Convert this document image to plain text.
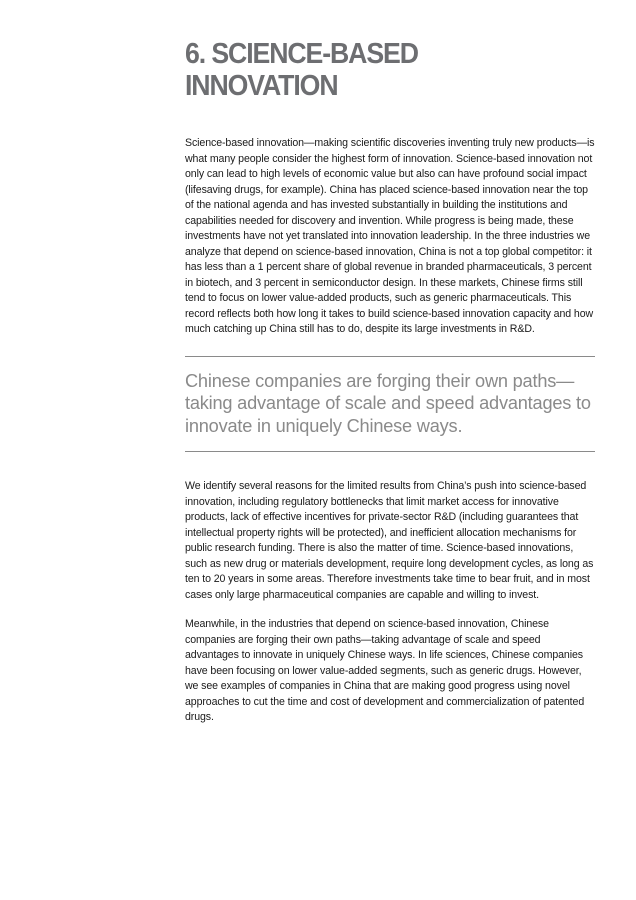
6. SCIENCE-BASED
INNOVATION

Science-based innovation—making scientific discoveries inventing truly new products—is what many people consider the highest form of innovation. Science-based innovation not only can lead to high levels of economic value but also can have profound social impact (lifesaving drugs, for example). China has placed science-based innovation near the top of the national agenda and has invested substantially in building the institutions and capabilities needed for discovery and invention. While progress is being made, these investments have not yet translated into innovation leadership. In the three industries we analyze that depend on science-based innovation, China is not a top global competitor: it has less than a 1 percent share of global revenue in branded pharmaceuticals, 3 percent in biotech, and 3 percent in semiconductor design. In these markets, Chinese firms still tend to focus on lower value-added products, such as generic pharmaceuticals. This record reflects both how long it takes to build science-based innovation capacity and how much catching up China still has to do, despite its large investments in R&D.

Chinese companies are forging their own paths—taking advantage of scale and speed advantages to innovate in uniquely Chinese ways.

We identify several reasons for the limited results from China’s push into science-based innovation, including regulatory bottlenecks that limit market access for innovative products, lack of effective incentives for private-sector R&D (including guarantees that intellectual property rights will be protected), and inefficient allocation mechanisms for public research funding. There is also the matter of time. Science-based innovations, such as new drug or materials development, require long development cycles, as long as ten to 20 years in some areas. Therefore investments take time to bear fruit, and in most cases only large pharmaceutical companies are capable and willing to invest.

Meanwhile, in the industries that depend on science-based innovation, Chinese companies are forging their own paths—taking advantage of scale and speed advantages to innovate in uniquely Chinese ways. In life sciences, Chinese companies have been focusing on lower value-added segments, such as generic drugs. However, we see examples of companies in China that are making good progress using novel approaches to cut the time and cost of development and commercialization of patented drugs.
